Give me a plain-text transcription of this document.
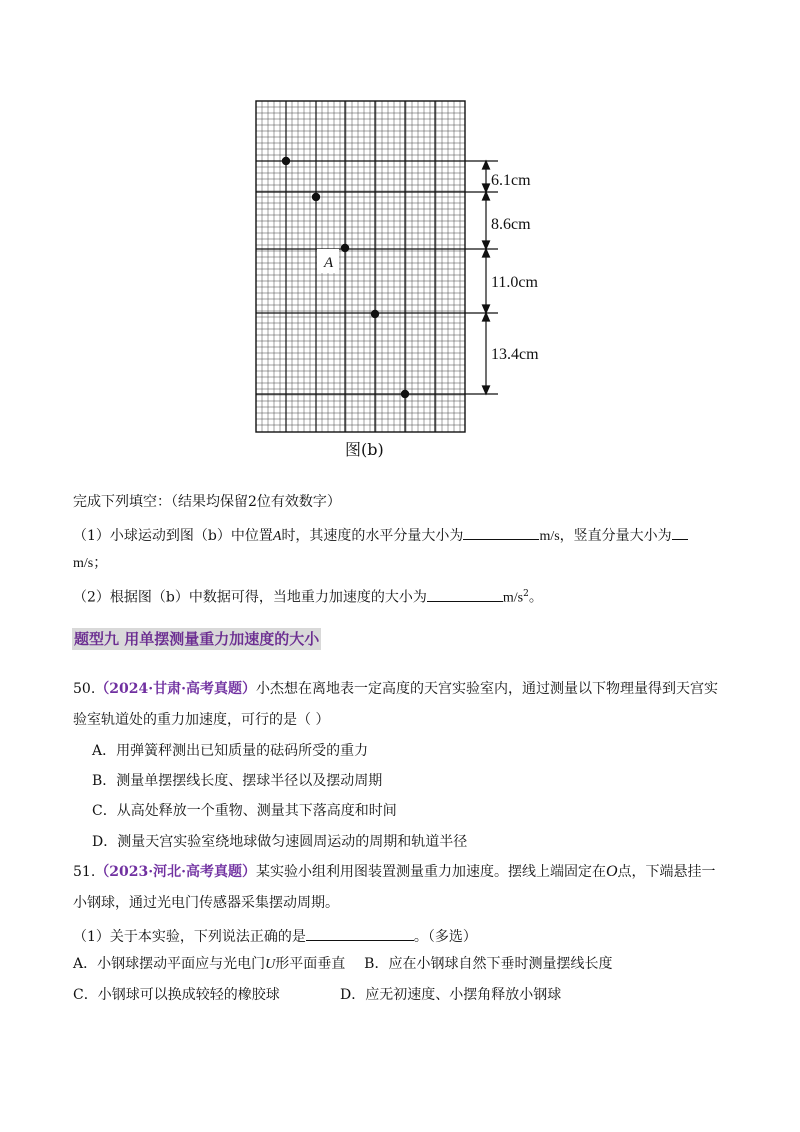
A
6.1cm
8.6cm
11.0cm
13.4cm
图(b)
完成下列填空：（结果均保留2位有效数字）
（1）小球运动到图（b）中位置A时，其速度的水平分量大小为	m/s，竖直分量大小为
m/s；
（2）根据图（b）中数据可得，当地重力加速度的大小为	$m/s^2$。
题型九 用单摆测量重力加速度的大小
50.（2024·甘肃·高考真题）小杰想在离地表一定高度的天宫实验室内，通过测量以下物理量得到天宫实
验室轨道处的重力加速度，可行的是（ ）
A．用弹簧秤测出已知质量的砝码所受的重力
B．测量单摆摆线长度、摆球半径以及摆动周期
C．从高处释放一个重物、测量其下落高度和时间
D．测量天宫实验室绕地球做匀速圆周运动的周期和轨道半径
51.（2023·河北·高考真题）某实验小组利用图装置测量重力加速度。摆线上端固定在O点，下端悬挂一
小钢球，通过光电门传感器采集摆动周期。
（1）关于本实验，下列说法正确的是	。（多选）
A．小钢球摆动平面应与光电门U形平面垂直 B．应在小钢球自然下垂时测量摆线长度
C．小钢球可以换成较轻的橡胶球	D．应无初速度、小摆角释放小钢球
